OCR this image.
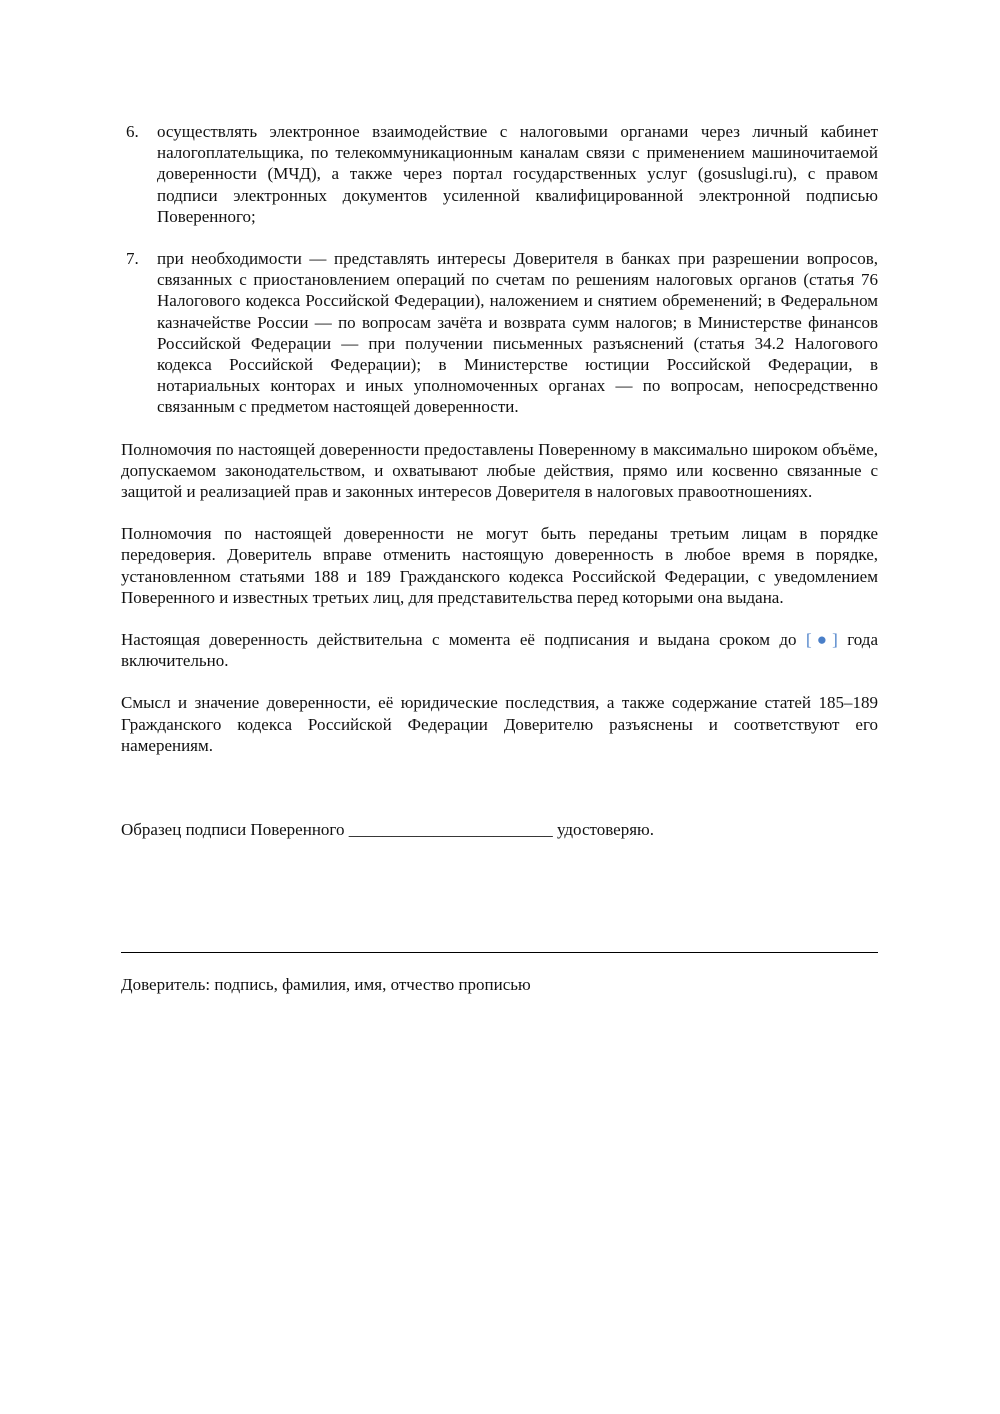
6. осуществлять электронное взаимодействие с налоговыми органами через личный кабинет налогоплательщика, по телекоммуникационным каналам связи с применением машиночитаемой доверенности (МЧД), а также через портал государственных услуг (gosuslugi.ru), с правом подписи электронных документов усиленной квалифицированной электронной подписью Поверенного;
7. при необходимости — представлять интересы Доверителя в банках при разрешении вопросов, связанных с приостановлением операций по счетам по решениям налоговых органов (статья 76 Налогового кодекса Российской Федерации), наложением и снятием обременений; в Федеральном казначействе России — по вопросам зачёта и возврата сумм налогов; в Министерстве финансов Российской Федерации — при получении письменных разъяснений (статья 34.2 Налогового кодекса Российской Федерации); в Министерстве юстиции Российской Федерации, в нотариальных конторах и иных уполномоченных органах — по вопросам, непосредственно связанным с предметом настоящей доверенности.

Полномочия по настоящей доверенности предоставлены Поверенному в максимально широком объёме, допускаемом законодательством, и охватывают любые действия, прямо или косвенно связанные с защитой и реализацией прав и законных интересов Доверителя в налоговых правоотношениях.

Полномочия по настоящей доверенности не могут быть переданы третьим лицам в порядке передоверия. Доверитель вправе отменить настоящую доверенность в любое время в порядке, установленном статьями 188 и 189 Гражданского кодекса Российской Федерации, с уведомлением Поверенного и известных третьих лиц, для представительства перед которыми она выдана.

Настоящая доверенность действительна с момента её подписания и выдана сроком до [●] года включительно.

Смысл и значение доверенности, её юридические последствия, а также содержание статей 185–189 Гражданского кодекса Российской Федерации Доверителю разъяснены и соответствуют его намерениям.

Образец подписи Поверенного ________________________ удостоверяю.
Доверитель: подпись, фамилия, имя, отчество прописью
